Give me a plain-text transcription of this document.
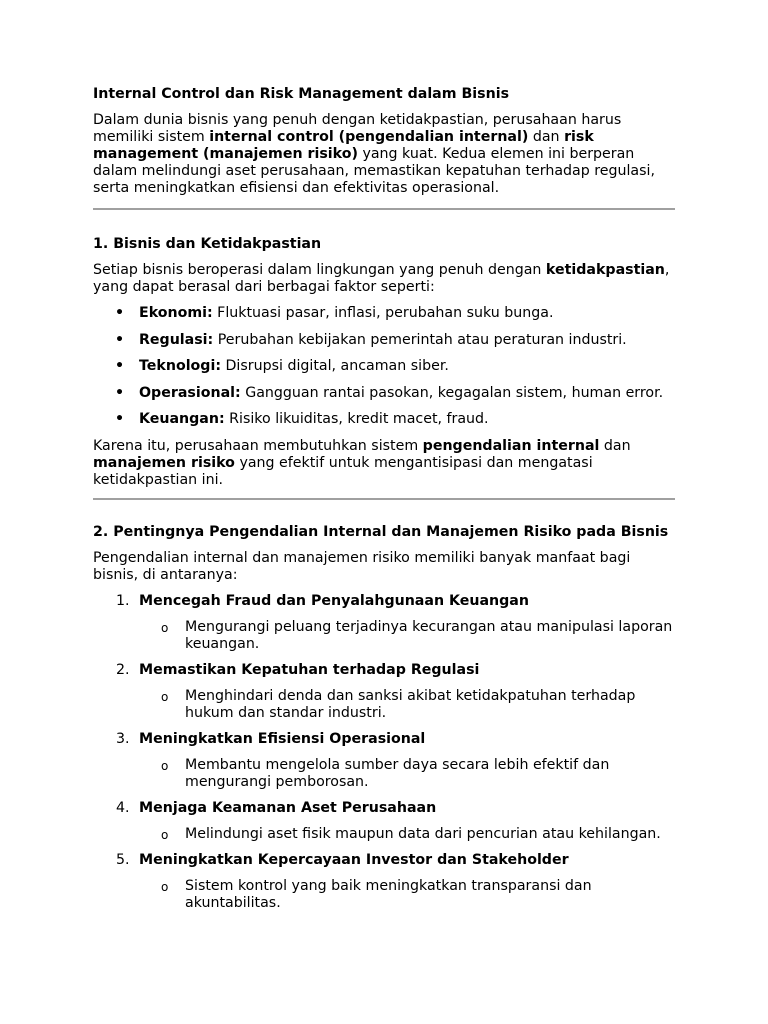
Internal Control dan Risk Management dalam Bisnis

Dalam dunia bisnis yang penuh dengan ketidakpastian, perusahaan harus memiliki sistem internal control (pengendalian internal) dan risk management (manajemen risiko) yang kuat. Kedua elemen ini berperan dalam melindungi aset perusahaan, memastikan kepatuhan terhadap regulasi, serta meningkatkan efisiensi dan efektivitas operasional.

1. Bisnis dan Ketidakpastian

Setiap bisnis beroperasi dalam lingkungan yang penuh dengan ketidakpastian, yang dapat berasal dari berbagai faktor seperti:

• Ekonomi: Fluktuasi pasar, inflasi, perubahan suku bunga.
• Regulasi: Perubahan kebijakan pemerintah atau peraturan industri.
• Teknologi: Disrupsi digital, ancaman siber.
• Operasional: Gangguan rantai pasokan, kegagalan sistem, human error.
• Keuangan: Risiko likuiditas, kredit macet, fraud.

Karena itu, perusahaan membutuhkan sistem pengendalian internal dan manajemen risiko yang efektif untuk mengantisipasi dan mengatasi ketidakpastian ini.

2. Pentingnya Pengendalian Internal dan Manajemen Risiko pada Bisnis

Pengendalian internal dan manajemen risiko memiliki banyak manfaat bagi bisnis, di antaranya:

1. Mencegah Fraud dan Penyalahgunaan Keuangan
o Mengurangi peluang terjadinya kecurangan atau manipulasi laporan keuangan.
2. Memastikan Kepatuhan terhadap Regulasi
o Menghindari denda dan sanksi akibat ketidakpatuhan terhadap hukum dan standar industri.
3. Meningkatkan Efisiensi Operasional
o Membantu mengelola sumber daya secara lebih efektif dan mengurangi pemborosan.
4. Menjaga Keamanan Aset Perusahaan
o Melindungi aset fisik maupun data dari pencurian atau kehilangan.
5. Meningkatkan Kepercayaan Investor dan Stakeholder
o Sistem kontrol yang baik meningkatkan transparansi dan akuntabilitas.
